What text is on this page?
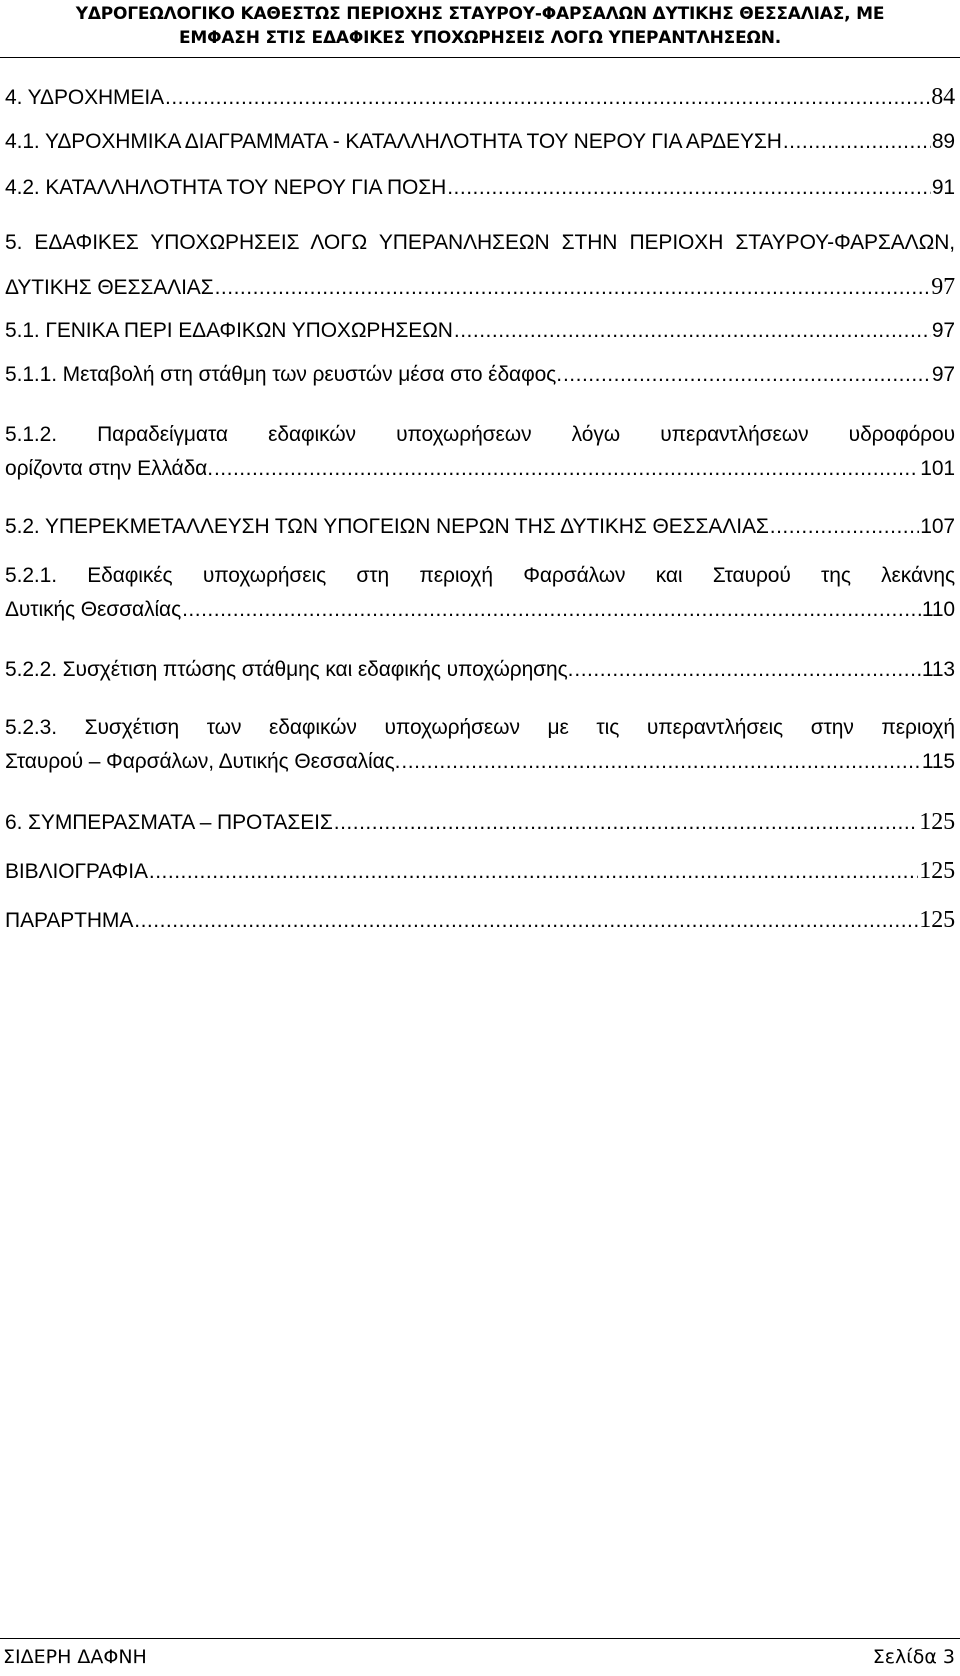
ΥΔΡΟΓΕΩΛΟΓΙΚΟ ΚΑΘΕΣΤΩΣ ΠΕΡΙΟΧΗΣ ΣΤΑΥΡΟΥ-ΦΑΡΣΑΛΩΝ ΔΥΤΙΚΗΣ ΘΕΣΣΑΛΙΑΣ, ΜΕ
ΕΜΦΑΣΗ ΣΤΙΣ ΕΔΑΦΙΚΕΣ ΥΠΟΧΩΡΗΣΕΙΣ ΛΟΓΩ ΥΠΕΡΑΝΤΛΗΣΕΩΝ.
4. ΥΔΡΟΧΗΜΕΙΑ .....	84
4.1. ΥΔΡΟΧΗΜΙΚΑ ΔΙΑΓΡΑΜΜΑΤΑ - ΚΑΤΑΛΛΗΛΟΤΗΤΑ ΤΟΥ ΝΕΡΟΥ ΓΙΑ ΑΡΔΕΥΣΗ .....	89
4.2. ΚΑΤΑΛΛΗΛΟΤΗΤΑ ΤΟΥ ΝΕΡΟΥ ΓΙΑ ΠΟΣΗ .....	91
5. ΕΔΑΦΙΚΕΣ ΥΠΟΧΩΡΗΣΕΙΣ ΛΟΓΩ ΥΠΕΡΑΝΛΗΣΕΩΝ ΣΤΗΝ ΠΕΡΙΟΧΗ ΣΤΑΥΡΟΥ-ΦΑΡΣΑΛΩΝ,
ΔΥΤΙΚΗΣ ΘΕΣΣΑΛΙΑΣ .....	97
5.1. ΓΕΝΙΚΑ ΠΕΡΙ ΕΔΑΦΙΚΩΝ ΥΠΟΧΩΡΗΣΕΩΝ .....	97
5.1.1. Μεταβολή στη στάθμη των ρευστών μέσα στο έδαφος. .....	97
5.1.2. Παραδείγματα εδαφικών υποχωρήσεων λόγω υπεραντλήσεων υδροφόρου
ορίζοντα στην Ελλάδα. .....	101
5.2. ΥΠΕΡΕΚΜΕΤΑΛΛΕΥΣΗ ΤΩΝ ΥΠΟΓΕΙΩΝ ΝΕΡΩΝ ΤΗΣ ΔΥΤΙΚΗΣ ΘΕΣΣΑΛΙΑΣ .....	107
5.2.1. Εδαφικές υποχωρήσεις στη περιοχή Φαρσάλων και Σταυρού της λεκάνης
Δυτικής Θεσσαλίας .....	110
5.2.2. Συσχέτιση πτώσης στάθμης και εδαφικής υποχώρησης. .....	113
5.2.3. Συσχέτιση των εδαφικών υποχωρήσεων με τις υπεραντλήσεις στην περιοχή
Σταυρού – Φαρσάλων, Δυτικής Θεσσαλίας. .....	115
6. ΣΥΜΠΕΡΑΣΜΑΤΑ – ΠΡΟΤΑΣΕΙΣ .....	125
ΒΙΒΛΙΟΓΡΑΦΙΑ .....	125
ΠΑΡΑΡΤΗΜΑ .....	125
ΣΙΔΕΡΗ ΔΑΦΝΗ	Σελίδα 3
